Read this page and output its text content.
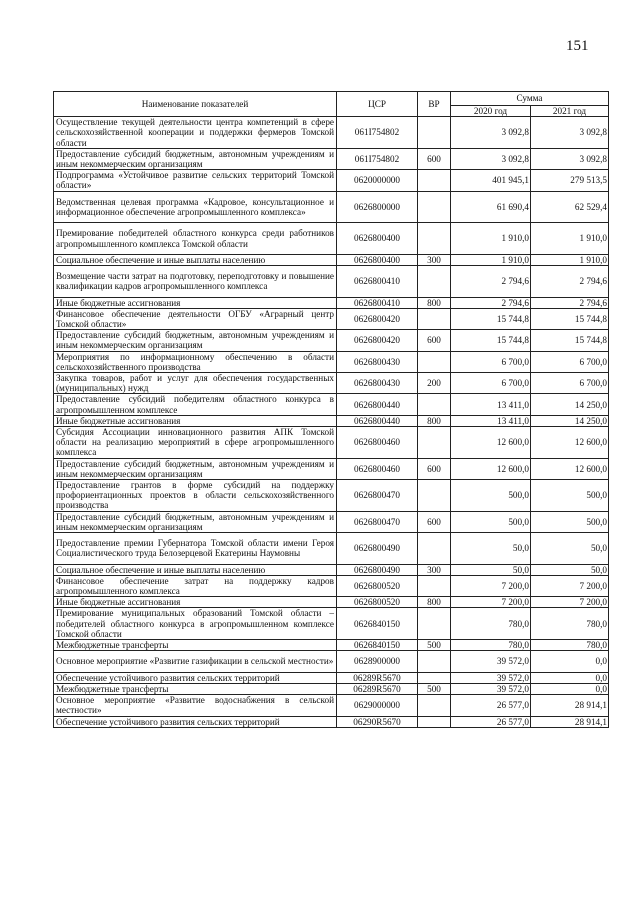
151
Наименование показателей	ЦСР	ВР	Сумма	
			2020 год	2021 год
Осуществление текущей деятельности центра компетенций в сфере сельскохозяйственной кооперации и поддержки фермеров Томской области	061I754802		3 092,8	3 092,8
Предоставление субсидий бюджетным, автономным учреждениям и иным некоммерческим организациям	061I754802	600	3 092,8	3 092,8
Подпрограмма «Устойчивое развитие сельских территорий Томской области»	0620000000		401 945,1	279 513,5
Ведомственная целевая программа «Кадровое, консультационное и информационное обеспечение агропромышленного комплекса»	0626800000		61 690,4	62 529,4
Премирование победителей областного конкурса среди работников агропромышленного комплекса Томской области	0626800400		1 910,0	1 910,0
Социальное обеспечение и иные выплаты населению	0626800400	300	1 910,0	1 910,0
Возмещение части затрат на подготовку, переподготовку и повышение квалификации кадров агропромышленного комплекса	0626800410		2 794,6	2 794,6
Иные бюджетные ассигнования	0626800410	800	2 794,6	2 794,6
Финансовое обеспечение деятельности ОГБУ «Аграрный центр Томской области»	0626800420		15 744,8	15 744,8
Предоставление субсидий бюджетным, автономным учреждениям и иным некоммерческим организациям	0626800420	600	15 744,8	15 744,8
Мероприятия по информационному обеспечению в области сельскохозяйственного производства	0626800430		6 700,0	6 700,0
Закупка товаров, работ и услуг для обеспечения государственных (муниципальных) нужд	0626800430	200	6 700,0	6 700,0
Предоставление субсидий победителям областного конкурса в агропромышленном комплексе	0626800440		13 411,0	14 250,0
Иные бюджетные ассигнования	0626800440	800	13 411,0	14 250,0
Субсидия Ассоциации инновационного развития АПК Томской области на реализацию мероприятий в сфере агропромышленного комплекса	0626800460		12 600,0	12 600,0
Предоставление субсидий бюджетным, автономным учреждениям и иным некоммерческим организациям	0626800460	600	12 600,0	12 600,0
Предоставление грантов в форме субсидий на поддержку профориентационных проектов в области сельскохозяйственного производства	0626800470		500,0	500,0
Предоставление субсидий бюджетным, автономным учреждениям и иным некоммерческим организациям	0626800470	600	500,0	500,0
Предоставление премии Губернатора Томской области имени Героя Социалистического труда Белозерцевой Екатерины Наумовны	0626800490		50,0	50,0
Социальное обеспечение и иные выплаты населению	0626800490	300	50,0	50,0
Финансовое обеспечение затрат на поддержку кадров агропромышленного комплекса	0626800520		7 200,0	7 200,0
Иные бюджетные ассигнования	0626800520	800	7 200,0	7 200,0
Премирование муниципальных образований Томской области – победителей областного конкурса в агропромышленном комплексе Томской области	0626840150		780,0	780,0
Межбюджетные трансферты	0626840150	500	780,0	780,0
Основное мероприятие «Развитие газификации в сельской местности»	0628900000		39 572,0	0,0
Обеспечение устойчивого развития сельских территорий	06289R5670		39 572,0	0,0
Межбюджетные трансферты	06289R5670	500	39 572,0	0,0
Основное мероприятие «Развитие водоснабжения в сельской местности»	0629000000		26 577,0	28 914,1
Обеспечение устойчивого развития сельских территорий	06290R5670		26 577,0	28 914,1
